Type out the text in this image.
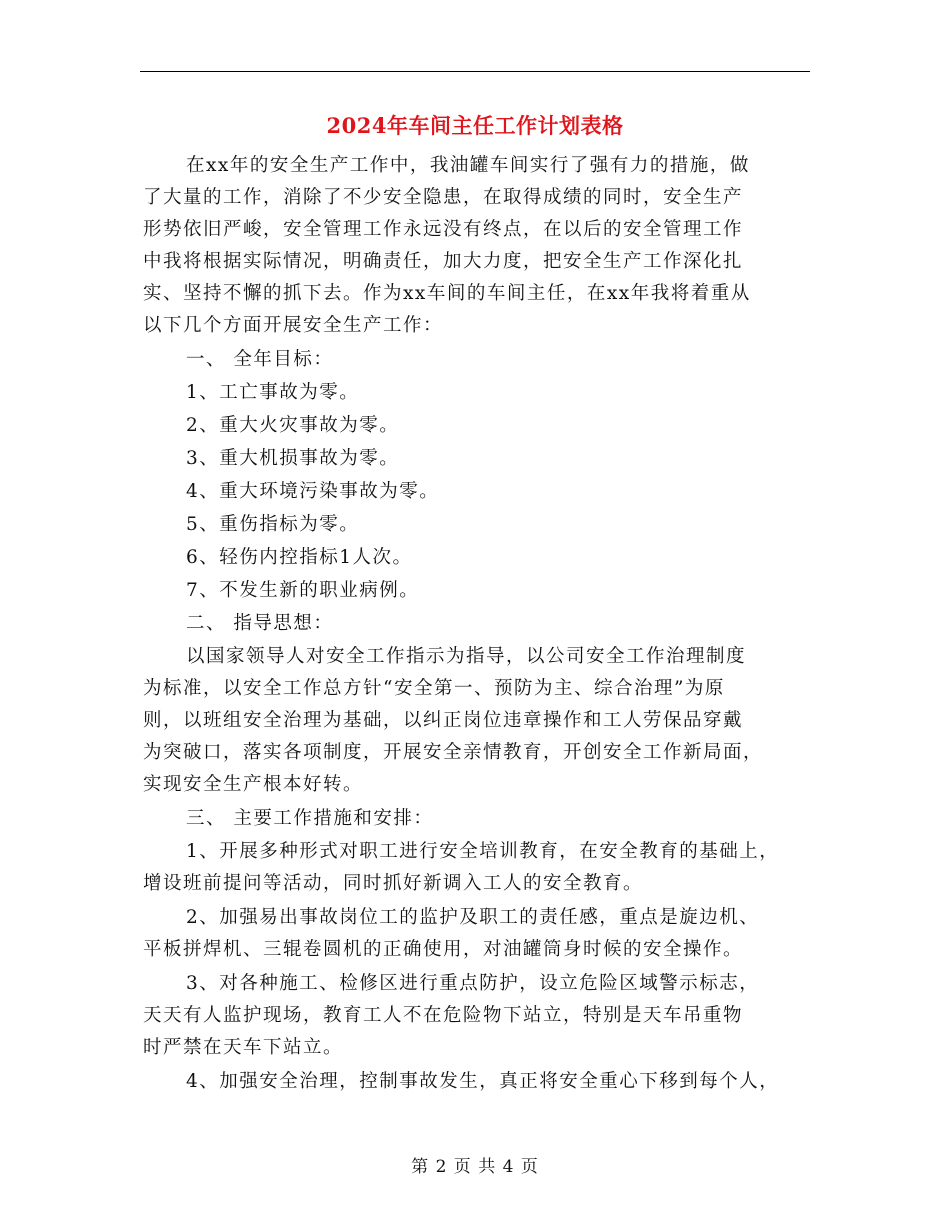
2024年车间主任工作计划表格
在xx年的安全生产工作中，我油罐车间实行了强有力的措施，做
了大量的工作，消除了不少安全隐患，在取得成绩的同时，安全生产
形势依旧严峻，安全管理工作永远没有终点，在以后的安全管理工作
中我将根据实际情况，明确责任，加大力度，把安全生产工作深化扎
实、坚持不懈的抓下去。作为xx车间的车间主任，在xx年我将着重从
以下几个方面开展安全生产工作：
一、 全年目标：
1、工亡事故为零。
2、重大火灾事故为零。
3、重大机损事故为零。
4、重大环境污染事故为零。
5、重伤指标为零。
6、轻伤内控指标1人次。
7、不发生新的职业病例。
二、 指导思想：
以国家领导人对安全工作指示为指导，以公司安全工作治理制度
为标准，以安全工作总方针“安全第一、预防为主、综合治理”为原
则，以班组安全治理为基础，以纠正岗位违章操作和工人劳保品穿戴
为突破口，落实各项制度，开展安全亲情教育，开创安全工作新局面，
实现安全生产根本好转。
三、 主要工作措施和安排：
1、开展多种形式对职工进行安全培训教育，在安全教育的基础上，
增设班前提问等活动，同时抓好新调入工人的安全教育。
2、加强易出事故岗位工的监护及职工的责任感，重点是旋边机、
平板拼焊机、三辊卷圆机的正确使用，对油罐筒身时候的安全操作。
3、对各种施工、检修区进行重点防护，设立危险区域警示标志，
天天有人监护现场，教育工人不在危险物下站立，特别是天车吊重物
时严禁在天车下站立。
4、加强安全治理，控制事故发生，真正将安全重心下移到每个人，
第 2 页 共 4 页
